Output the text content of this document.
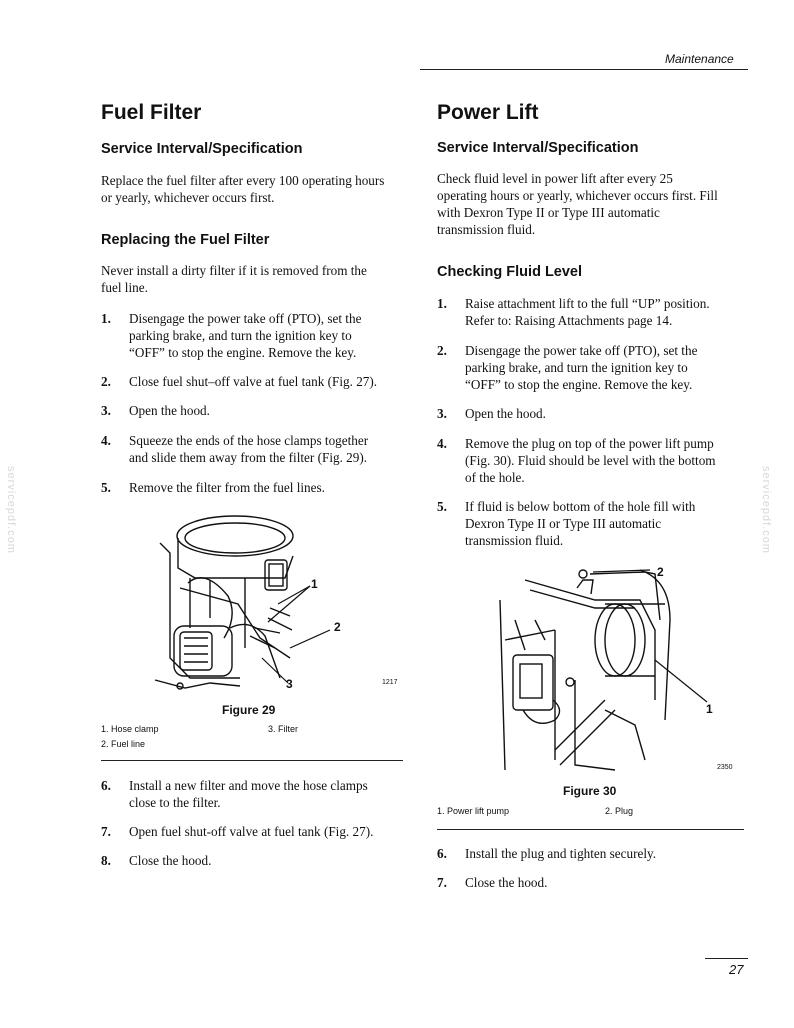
Maintenance
servicepdf.com	servicepdf.com
Fuel Filter
Service Interval/Specification
Replace the fuel filter after every 100 operating hours
or yearly, whichever occurs first.
Replacing the Fuel Filter
Never install a dirty filter if it is removed from the
fuel line.
1. Disengage the power take off (PTO), set the
parking brake, and turn the ignition key to
“OFF” to stop the engine. Remove the key.
2. Close fuel shut–off valve at fuel tank (Fig. 27).
3. Open the hood.
4. Squeeze the ends of the hose clamps together
and slide them away from the filter (Fig. 29).
5. Remove the filter from the fuel lines.
1
2
3	1217
Figure 29
1. Hose clamp	3. Filter
2. Fuel line
6. Install a new filter and move the hose clamps
close to the filter.
7. Open fuel shut-off valve at fuel tank (Fig. 27).
8. Close the hood.
Power Lift
Service Interval/Specification
Check fluid level in power lift after every 25
operating hours or yearly, whichever occurs first. Fill
with Dexron Type II or Type III automatic
transmission fluid.
Checking Fluid Level
1. Raise attachment lift to the full “UP” position.
Refer to: Raising Attachments page 14.
2. Disengage the power take off (PTO), set the
parking brake, and turn the ignition key to
“OFF” to stop the engine. Remove the key.
3. Open the hood.
4. Remove the plug on top of the power lift pump
(Fig. 30). Fluid should be level with the bottom
of the hole.
5. If fluid is below bottom of the hole fill with
Dexron Type II or Type III automatic
transmission fluid.
2
1
2350
Figure 30
1. Power lift pump	2. Plug
6. Install the plug and tighten securely.
7. Close the hood.
27
